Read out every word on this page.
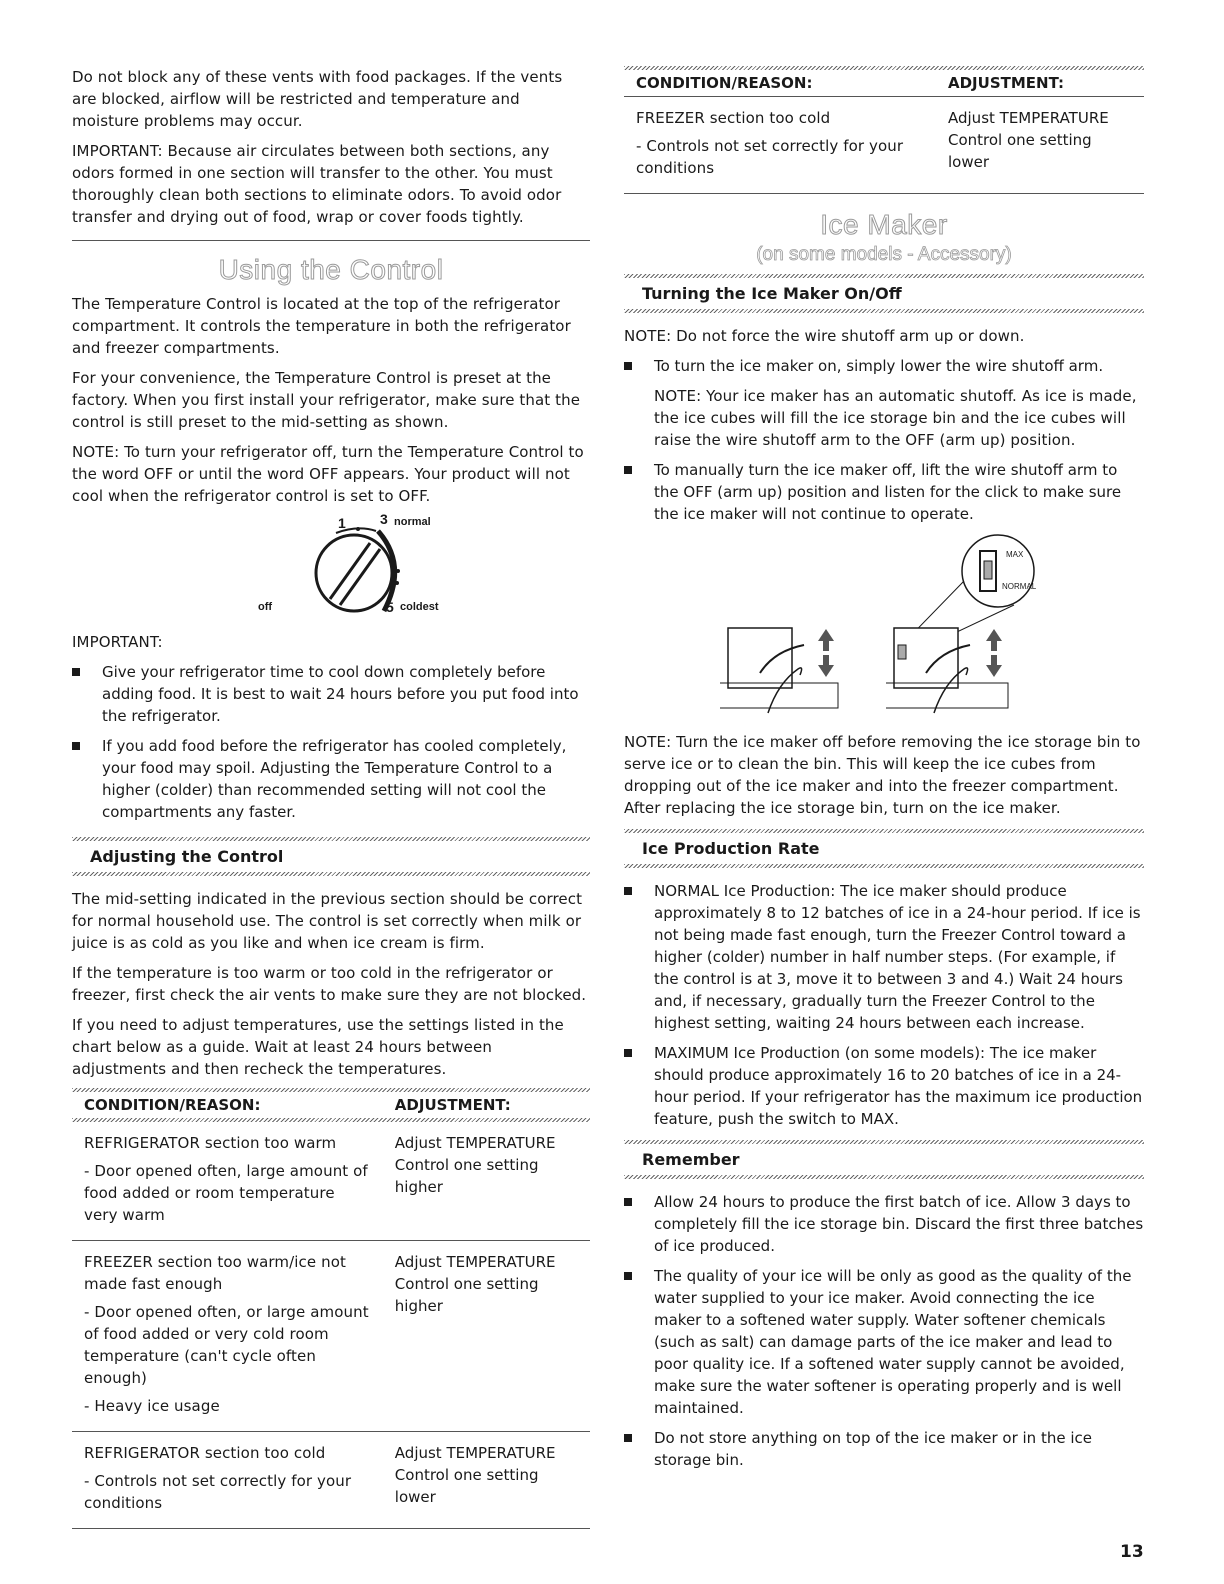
Do not block any of these vents with food packages. If the vents are blocked, airflow will be restricted and temperature and moisture problems may occur.

IMPORTANT: Because air circulates between both sections, any odors formed in one section will transfer to the other. You must thoroughly clean both sections to eliminate odors. To avoid odor transfer and drying out of food, wrap or cover foods tightly.

Using the Control

The Temperature Control is located at the top of the refrigerator compartment. It controls the temperature in both the refrigerator and freezer compartments.

For your convenience, the Temperature Control is preset at the factory. When you first install your refrigerator, make sure that the control is still preset to the mid-setting as shown.

NOTE: To turn your refrigerator off, turn the Temperature Control to the word OFF or until the word OFF appears. Your product will not cool when the refrigerator control is set to OFF.

1 3 normal
off	5 coldest

IMPORTANT:

Give your refrigerator time to cool down completely before adding food. It is best to wait 24 hours before you put food into the refrigerator.
If you add food before the refrigerator has cooled completely, your food may spoil. Adjusting the Temperature Control to a higher (colder) than recommended setting will not cool the compartments any faster.
Adjusting the Control

The mid-setting indicated in the previous section should be correct for normal household use. The control is set correctly when milk or juice is as cold as you like and when ice cream is firm.

If the temperature is too warm or too cold in the refrigerator or freezer, first check the air vents to make sure they are not blocked.

If you need to adjust temperatures, use the settings listed in the chart below as a guide. Wait at least 24 hours between adjustments and then recheck the temperatures.

CONDITION/REASON:	ADJUSTMENT:

REFRIGERATOR section too warm

- Door opened often, large amount of food added or room temperature very warm	Adjust TEMPERATURE Control one setting higher

FREEZER section too warm/ice not made fast enough

- Door opened often, or large amount of food added or very cold room temperature (can't cycle often enough)

- Heavy ice usage	Adjust TEMPERATURE Control one setting higher

REFRIGERATOR section too cold

- Controls not set correctly for your conditions	Adjust TEMPERATURE Control one setting lower

CONDITION/REASON:	ADJUSTMENT:

FREEZER section too cold

- Controls not set correctly for your conditions	Adjust TEMPERATURE Control one setting lower
Ice Maker
(on some models - Accessory)
Turning the Ice Maker On/Off

NOTE: Do not force the wire shutoff arm up or down.

To turn the ice maker on, simply lower the wire shutoff arm.

NOTE: Your ice maker has an automatic shutoff. As ice is made, the ice cubes will fill the ice storage bin and the ice cubes will raise the wire shutoff arm to the OFF (arm up) position.

To manually turn the ice maker off, lift the wire shutoff arm to the OFF (arm up) position and listen for the click to make sure the ice maker will not continue to operate.
MAX
NORMAL

NOTE: Turn the ice maker off before removing the ice storage bin to serve ice or to clean the bin. This will keep the ice cubes from dropping out of the ice maker and into the freezer compartment. After replacing the ice storage bin, turn on the ice maker.

Ice Production Rate
NORMAL Ice Production: The ice maker should produce approximately 8 to 12 batches of ice in a 24-hour period. If ice is not being made fast enough, turn the Freezer Control toward a higher (colder) number in half number steps. (For example, if the control is at 3, move it to between 3 and 4.) Wait 24 hours and, if necessary, gradually turn the Freezer Control to the highest setting, waiting 24 hours between each increase.
MAXIMUM Ice Production (on some models): The ice maker should produce approximately 16 to 20 batches of ice in a 24-hour period. If your refrigerator has the maximum ice production feature, push the switch to MAX.
Remember
Allow 24 hours to produce the first batch of ice. Allow 3 days to completely fill the ice storage bin. Discard the first three batches of ice produced.
The quality of your ice will be only as good as the quality of the water supplied to your ice maker. Avoid connecting the ice maker to a softened water supply. Water softener chemicals (such as salt) can damage parts of the ice maker and lead to poor quality ice. If a softened water supply cannot be avoided, make sure the water softener is operating properly and is well maintained.
Do not store anything on top of the ice maker or in the ice storage bin.
13
